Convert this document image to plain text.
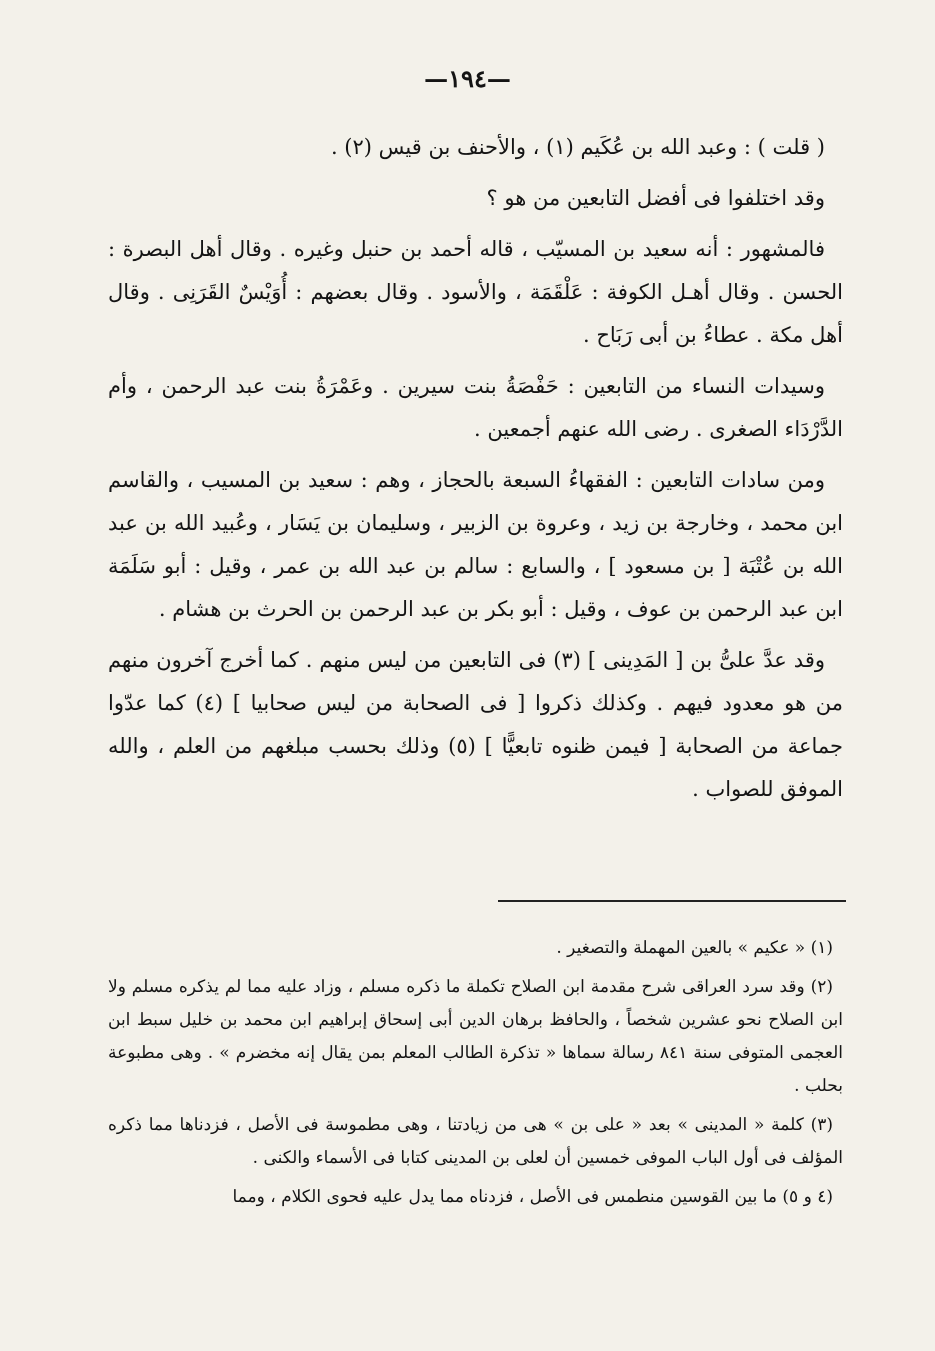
—١٩٤—

( قلت ) : وعبد الله بن عُكَيم (١) ، والأحنف بن قيس (٢) .

وقد اختلفوا فى أفضل التابعين من هو ؟

فالمشهور : أنه سعيد بن المسيّب ، قاله أحمد بن حنبل وغيره . وقال أهل البصرة : الحسن . وقال أهـل الكوفة : عَلْقَمَة ، والأسود . وقال بعضهم : أُوَيْسٌ القَرَنِى . وقال أهل مكة . عطاءُ بن أبى رَبَاح .

وسيدات النساء من التابعين : حَفْصَةُ بنت سيرين . وعَمْرَةُ بنت عبد الرحمن ، وأم الدَّرْدَاء الصغرى . رضى الله عنهم أجمعين .

ومن سادات التابعين : الفقهاءُ السبعة بالحجاز ، وهم : سعيد بن المسيب ، والقاسم ابن محمد ، وخارجة بن زيد ، وعروة بن الزبير ، وسليمان بن يَسَار ، وعُبيد الله بن عبد الله بن عُتْبَة [ بن مسعود ] ، والسابع : سالم بن عبد الله بن عمر ، وقيل : أبو سَلَمَة ابن عبد الرحمن بن عوف ، وقيل : أبو بكر بن عبد الرحمن بن الحرث بن هشام .

وقد عدَّ علىُّ بن [ المَدِينى ] (٣) فى التابعين من ليس منهم . كما أخرج آخرون منهم من هو معدود فيهم . وكذلك ذكروا [ فى الصحابة من ليس صحابيا ] (٤) كما عدّوا جماعة من الصحابة [ فيمن ظنوه تابعيًّا ] (٥) وذلك بحسب مبلغهم من العلم ، والله الموفق للصواب .

(١) « عكيم » بالعين المهملة والتصغير .

(٢) وقد سرد العراقى شرح مقدمة ابن الصلاح تكملة ما ذكره مسلم ، وزاد عليه مما لم يذكره مسلم ولا ابن الصلاح نحو عشرين شخصاً ، والحافظ برهان الدين أبى إسحاق إبراهيم ابن محمد بن خليل سبط ابن العجمى المتوفى سنة ٨٤١ رسالة سماها « تذكرة الطالب المعلم بمن يقال إنه مخضرم » . وهى مطبوعة بحلب .

(٣) كلمة « المدينى » بعد « على بن » هى من زيادتنا ، وهى مطموسة فى الأصل ، فزدناها مما ذكره المؤلف فى أول الباب الموفى خمسين أن لعلى بن المدينى كتابا فى الأسماء والكنى .

(٤ و ٥) ما بين القوسين منطمس فى الأصل ، فزدناه مما يدل عليه فحوى الكلام ، ومما
